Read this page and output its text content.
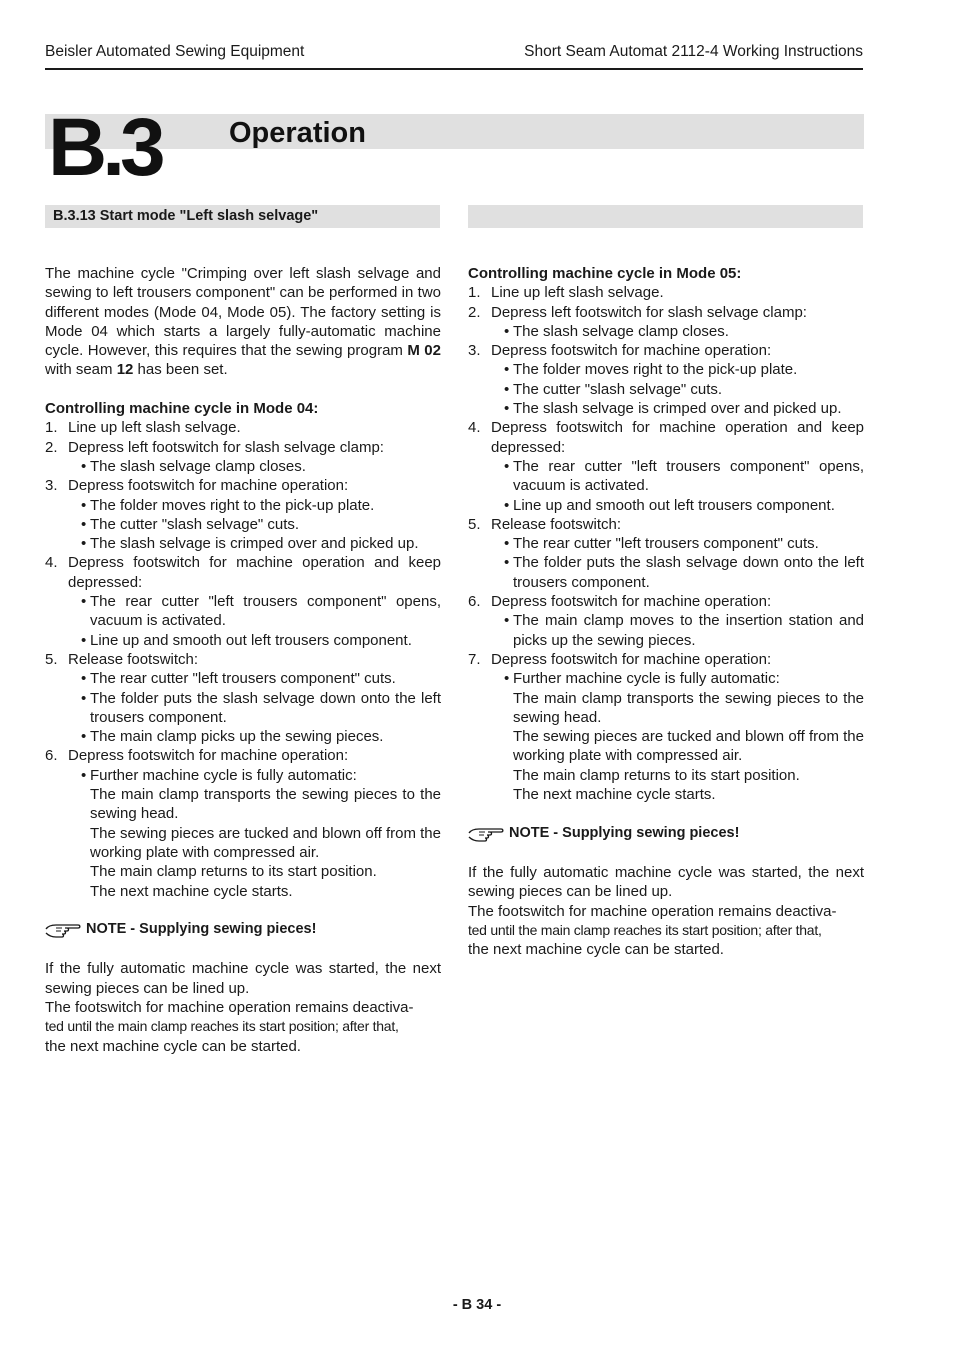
Beisler Automated Sewing Equipment	Short Seam Automat 2112-4 Working Instructions
B.3 Operation
B.3.13 Start mode "Left slash selvage"

The machine cycle "Crimping over left slash selvage and sewing to left trousers component" can be performed in two different modes (Mode 04, Mode 05). The factory setting is Mode 04 which starts a largely fully-automatic machine cycle. However, this requires that the sewing program M 02 with seam 12 has been set.

Controlling machine cycle in Mode 04:

1. Line up left slash selvage.
2. Depress left footswitch for slash selvage clamp:
• The slash selvage clamp closes.
3. Depress footswitch for machine operation:
• The folder moves right to the pick-up plate.
• The cutter "slash selvage" cuts.
• The slash selvage is crimped over and picked up.
4. Depress footswitch for machine operation and keep depressed:
• The rear cutter "left trousers component" opens, vacuum is activated.
• Line up and smooth out left trousers component.
5. Release footswitch:
• The rear cutter "left trousers component" cuts.
• The folder puts the slash selvage down onto the left trousers component.
• The main clamp picks up the sewing pieces.
6. Depress footswitch for machine operation:
• Further machine cycle is fully automatic:

The main clamp transports the sewing pieces to the sewing head.

The sewing pieces are tucked and blown off from the working plate with compressed air.

The main clamp returns to its start position.

The next machine cycle starts.

NOTE - Supplying sewing pieces!

If the fully automatic machine cycle was started, the next sewing pieces can be lined up.

The footswitch for machine operation remains deactiva-

ted until the main clamp reaches its start position; after that,

the next machine cycle can be started.

Controlling machine cycle in Mode 05:

1. Line up left slash selvage.
2. Depress left footswitch for slash selvage clamp:
• The slash selvage clamp closes.
3. Depress footswitch for machine operation:
• The folder moves right to the pick-up plate.
• The cutter "slash selvage" cuts.
• The slash selvage is crimped over and picked up.
4. Depress footswitch for machine operation and keep depressed:
• The rear cutter "left trousers component" opens, vacuum is activated.
• Line up and smooth out left trousers component.
5. Release footswitch:
• The rear cutter "left trousers component" cuts.
• The folder puts the slash selvage down onto the left trousers component.
6. Depress footswitch for machine operation:
• The main clamp moves to the insertion station and picks up the sewing pieces.
7. Depress footswitch for machine operation:
• Further machine cycle is fully automatic:

The main clamp transports the sewing pieces to the sewing head.

The sewing pieces are tucked and blown off from the working plate with compressed air.

The main clamp returns to its start position.

The next machine cycle starts.

NOTE - Supplying sewing pieces!

If the fully automatic machine cycle was started, the next sewing pieces can be lined up.

The footswitch for machine operation remains deactiva-

ted until the main clamp reaches its start position; after that,

the next machine cycle can be started.

- B 34 -
